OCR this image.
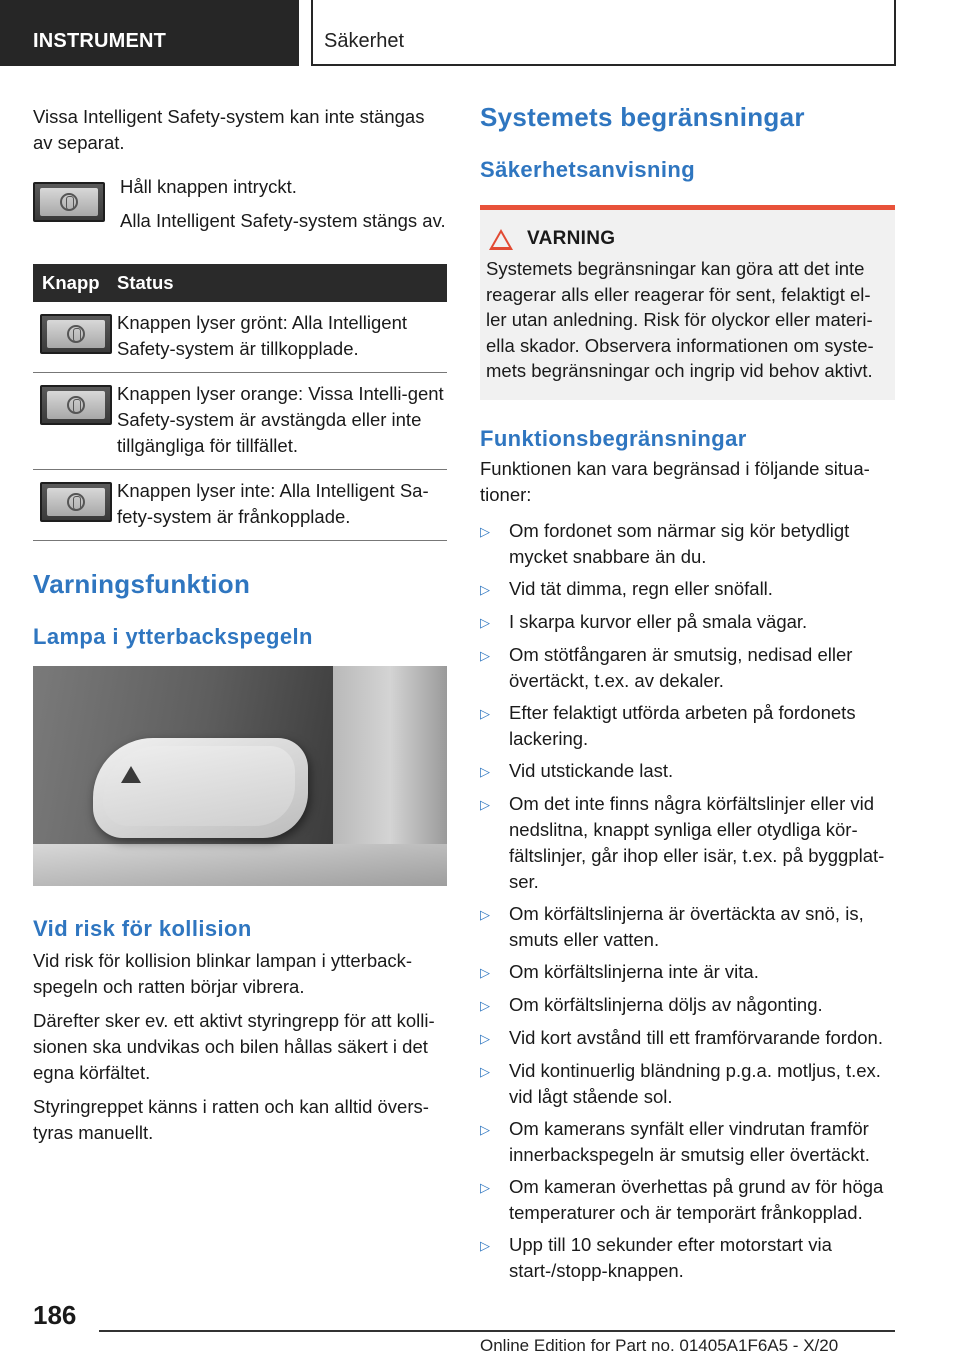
INSTRUMENT	Säkerhet

Vissa Intelligent Safety-system kan inte stängas av separat.

Håll knappen intryckt.

Alla Intelligent Safety-system stängs av.

Knapp	Status

	Knappen lyser grönt: Alla Intelligent Safety-system är tillkopplade.

	Knappen lyser orange: Vissa Intelli-gent Safety-system är avstängda eller inte tillgängliga för tillfället.

	Knappen lyser inte: Alla Intelligent Sa-fety-system är frånkopplade.
Varningsfunktion
Lampa i ytterbackspegeln
Vid risk för kollision

Vid risk för kollision blinkar lampan i ytterback-spegeln och ratten börjar vibrera.

Därefter sker ev. ett aktivt styringrepp för att kolli-sionen ska undvikas och bilen hållas säkert i det egna körfältet.

Styringreppet känns i ratten och kan alltid övers-tyras manuellt.

Systemets begränsningar
Säkerhetsanvisning
VARNING

Systemets begränsningar kan göra att det inte reagerar alls eller reagerar för sent, felaktigt el-ler utan anledning. Risk för olyckor eller materi-ella skador. Observera informationen om syste-mets begränsningar och ingrip vid behov aktivt.

Funktionsbegränsningar

Funktionen kan vara begränsad i följande situa-tioner:

▷
Om fordonet som närmar sig kör betydligt mycket snabbare än du.
▷
Vid tät dimma, regn eller snöfall.
▷
I skarpa kurvor eller på smala vägar.
▷
Om stötfångaren är smutsig, nedisad eller övertäckt, t.ex. av dekaler.
▷
Efter felaktigt utförda arbeten på fordonets lackering.
▷
Vid utstickande last.
▷
Om det inte finns några körfältslinjer eller vid nedslitna, knappt synliga eller otydliga kör-fältslinjer, går ihop eller isär, t.ex. på byggplat-ser.
▷
Om körfältslinjerna är övertäckta av snö, is, smuts eller vatten.
▷
Om körfältslinjerna inte är vita.
▷
Om körfältslinjerna döljs av någonting.
▷
Vid kort avstånd till ett framförvarande fordon.
▷
Vid kontinuerlig bländning p.g.a. motljus, t.ex. vid lågt stående sol.
▷
Om kamerans synfält eller vindrutan framför innerbackspegeln är smutsig eller övertäckt.
▷
Om kameran överhettas på grund av för höga temperaturer och är temporärt frånkopplad.
▷
Upp till 10 sekunder efter motorstart via start-/stopp-knappen.
186
Online Edition for Part no. 01405A1F6A5 - X/20
